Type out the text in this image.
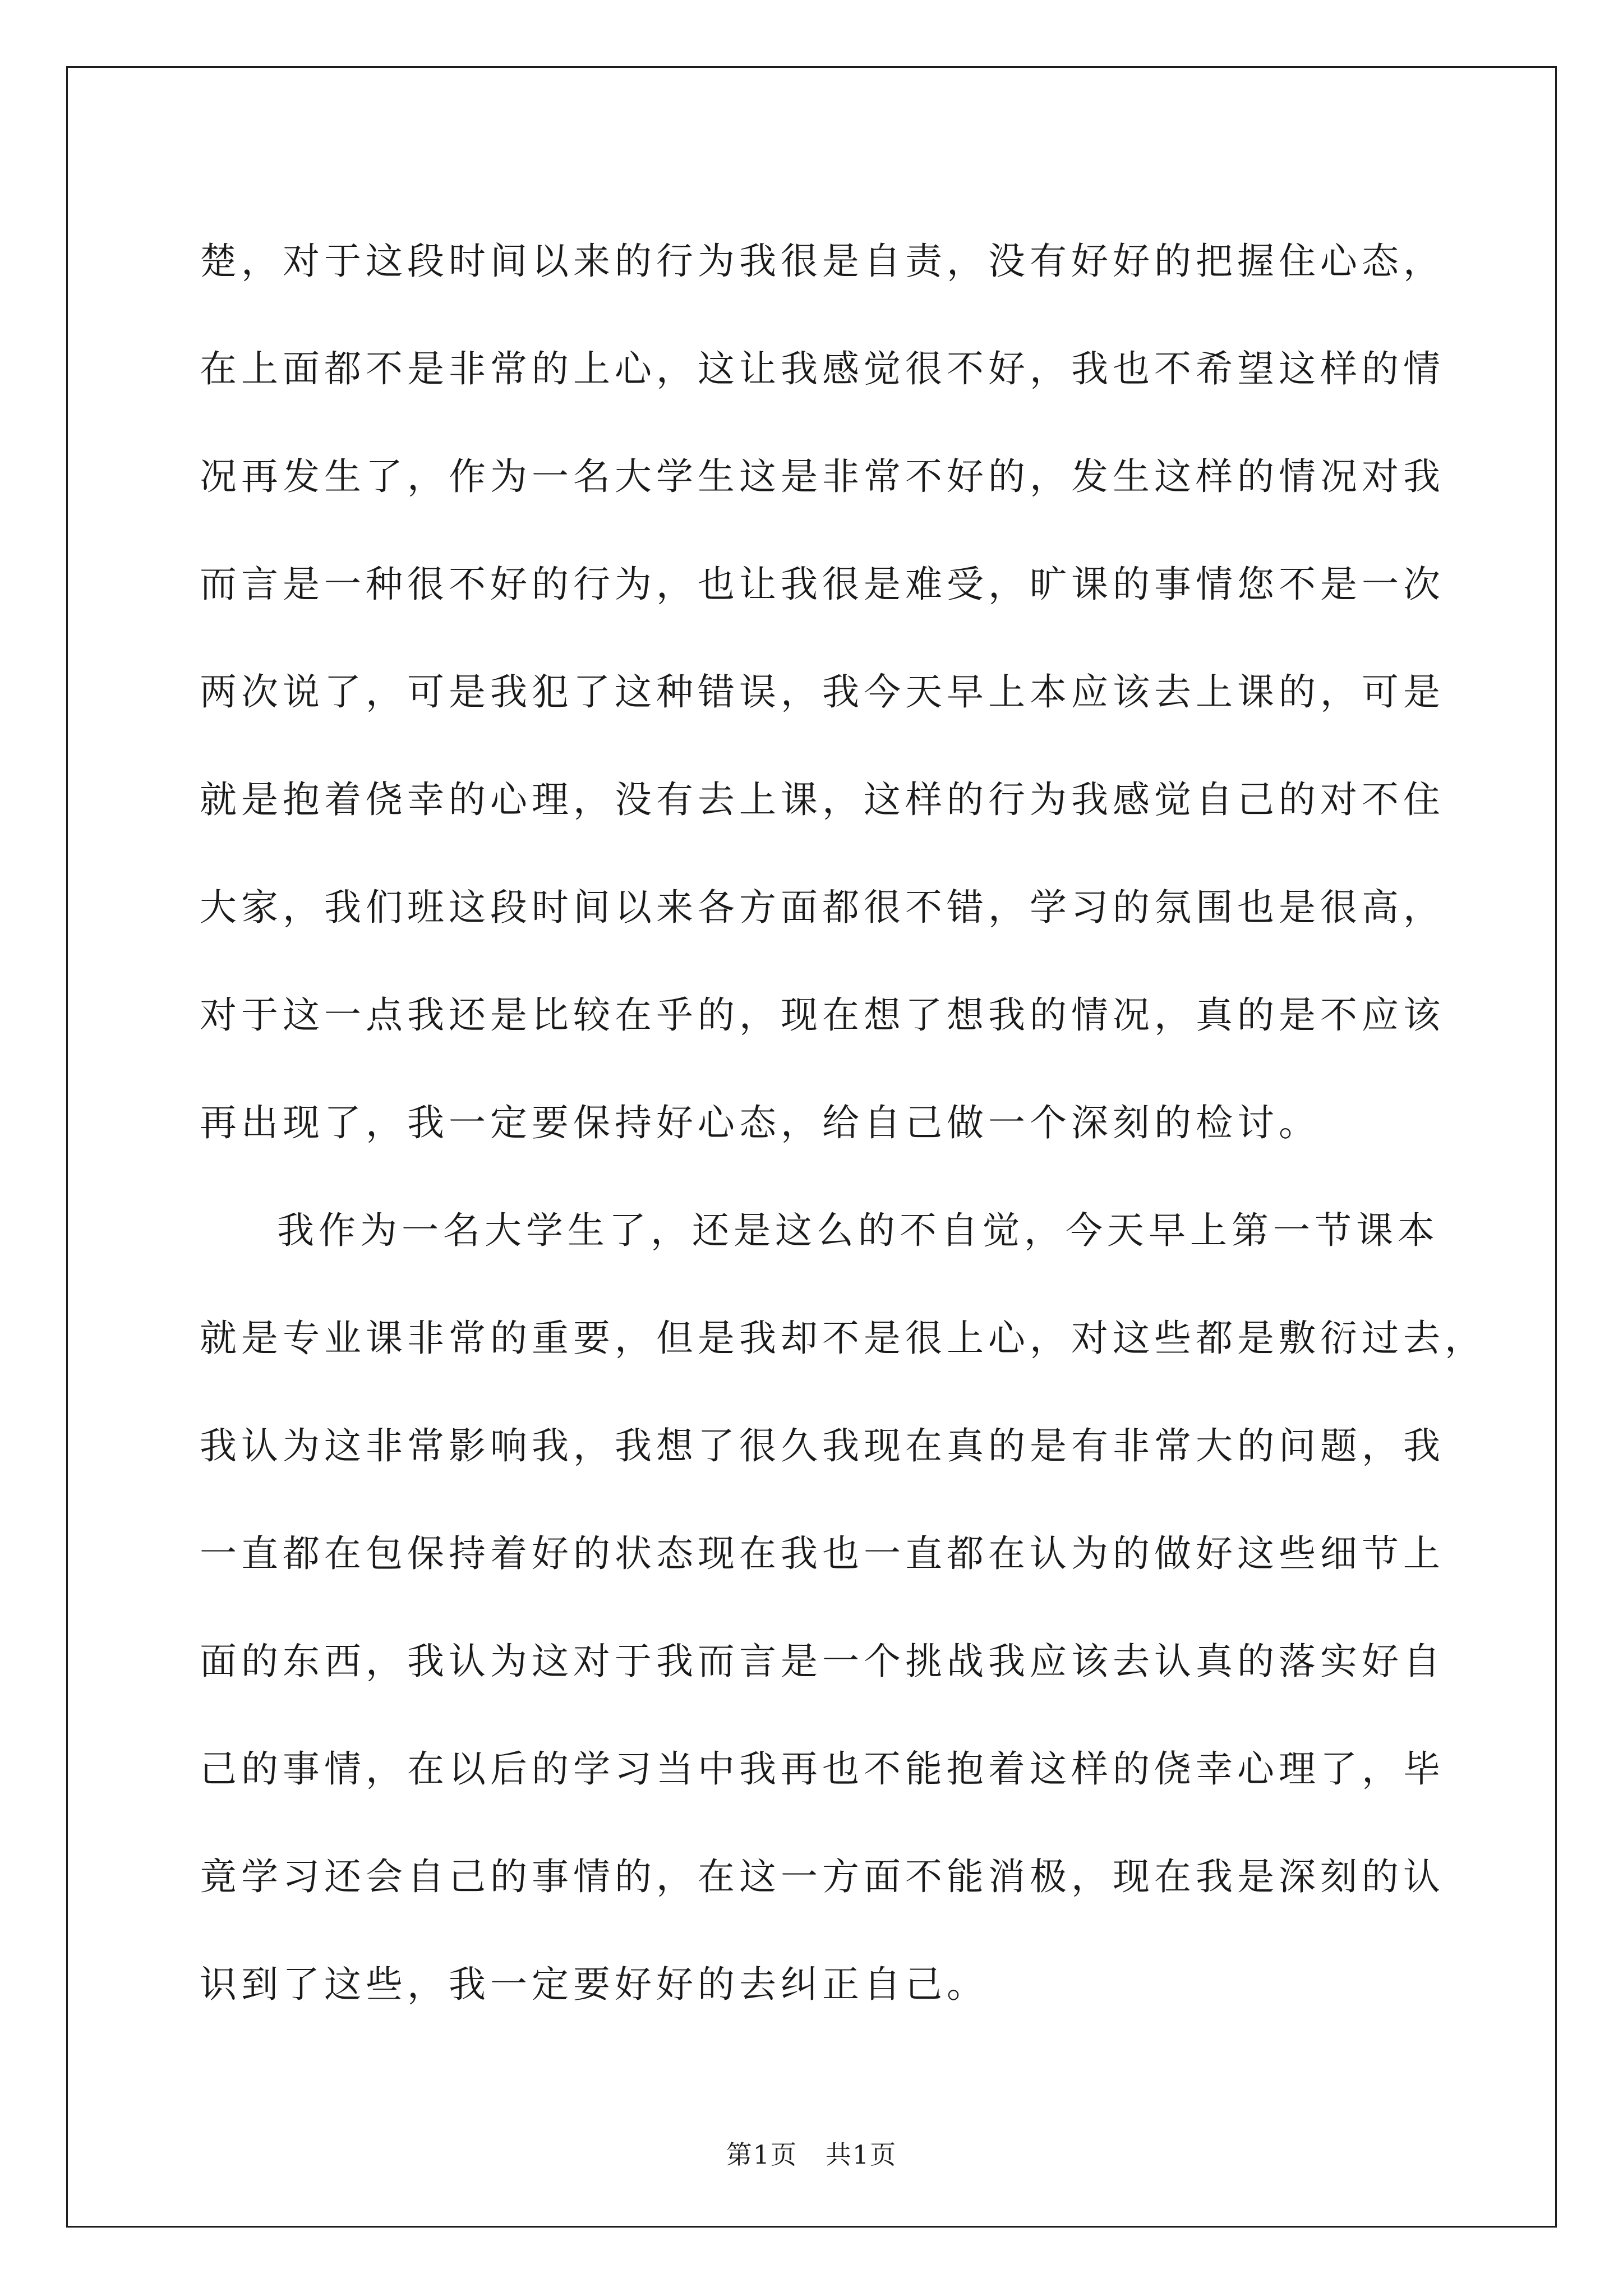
楚，对于这段时间以来的行为我很是自责，没有好好的把握住心态，
在上面都不是非常的上心，这让我感觉很不好，我也不希望这样的情
况再发生了，作为一名大学生这是非常不好的，发生这样的情况对我
而言是一种很不好的行为，也让我很是难受，旷课的事情您不是一次
两次说了，可是我犯了这种错误，我今天早上本应该去上课的，可是
就是抱着侥幸的心理，没有去上课，这样的行为我感觉自己的对不住
大家，我们班这段时间以来各方面都很不错，学习的氛围也是很高，
对于这一点我还是比较在乎的，现在想了想我的情况，真的是不应该
再出现了，我一定要保持好心态，给自己做一个深刻的检讨。
我作为一名大学生了，还是这么的不自觉，今天早上第一节课本
就是专业课非常的重要，但是我却不是很上心，对这些都是敷衍过去，
我认为这非常影响我，我想了很久我现在真的是有非常大的问题，我
一直都在包保持着好的状态现在我也一直都在认为的做好这些细节上
面的东西，我认为这对于我而言是一个挑战我应该去认真的落实好自
己的事情，在以后的学习当中我再也不能抱着这样的侥幸心理了，毕
竟学习还会自己的事情的，在这一方面不能消极，现在我是深刻的认
识到了这些，我一定要好好的去纠正自己。
第1页   共1页
